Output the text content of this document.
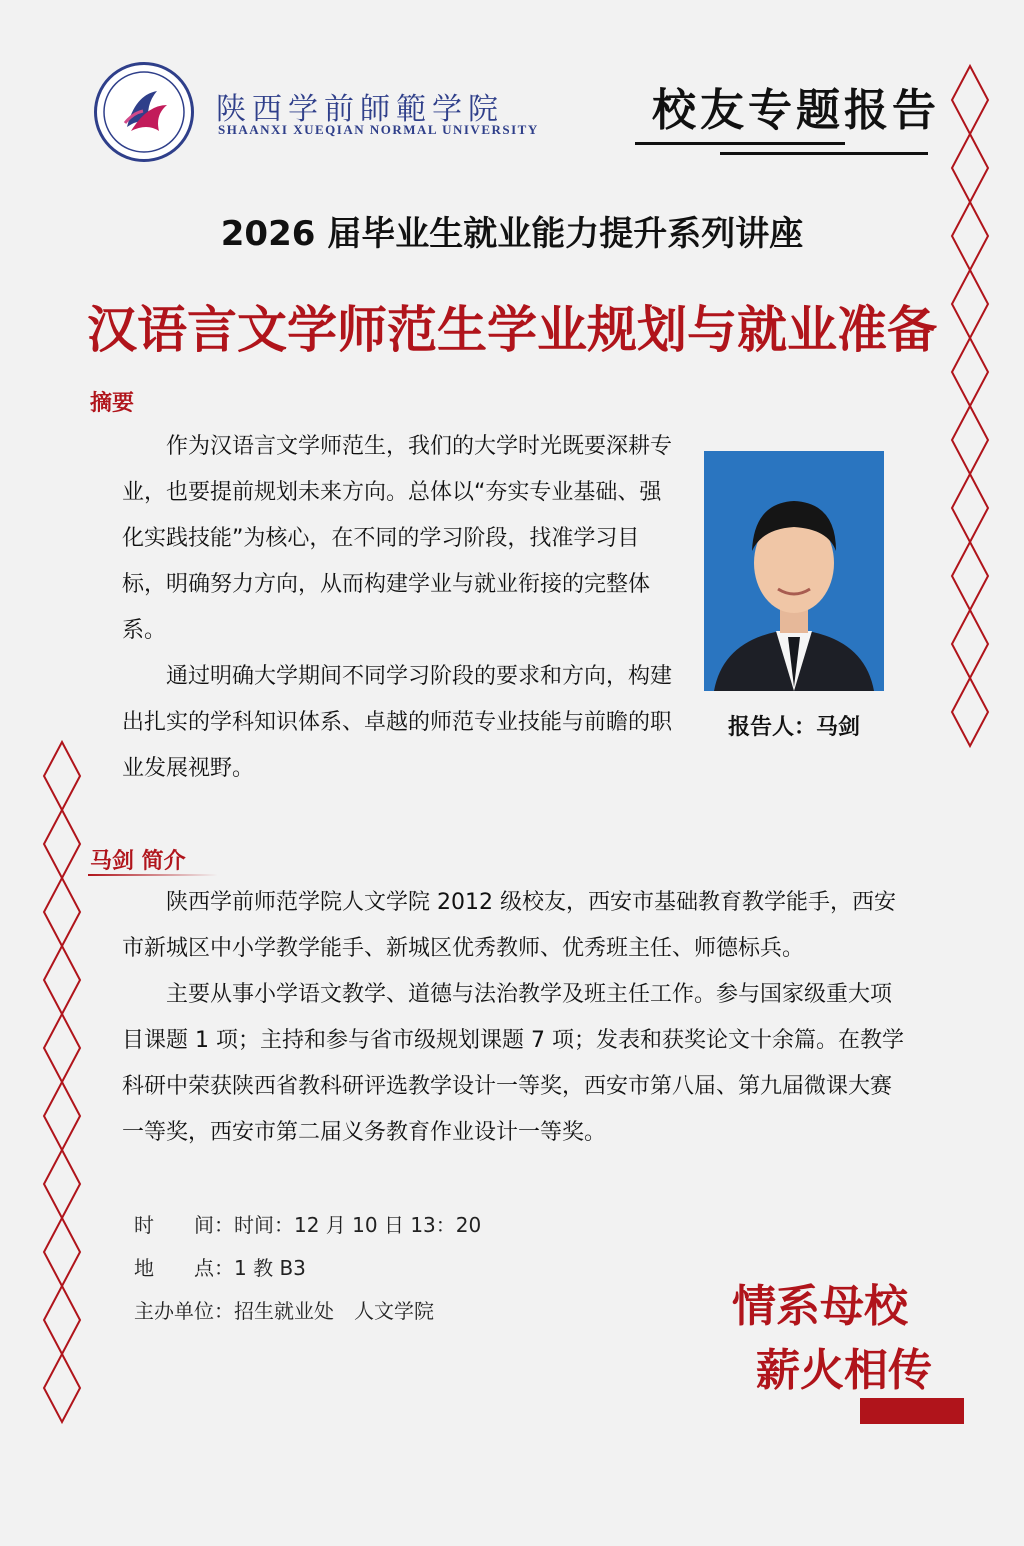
陕西学前師範学院
SHAANXI XUEQIAN NORMAL UNIVERSITY	校友专题报告
2026 届毕业生就业能力提升系列讲座
汉语言文学师范生学业规划与就业准备
摘要

作为汉语言文学师范生，我们的大学时光既要深耕专业，也要提前规划未来方向。总体以“夯实专业基础、强化实践技能”为核心，在不同的学习阶段，找准学习目标，明确努力方向，从而构建学业与就业衔接的完整体系。

通过明确大学期间不同学习阶段的要求和方向，构建出扎实的学科知识体系、卓越的师范专业技能与前瞻的职业发展视野。

报告人：马剑
马剑 简介

陕西学前师范学院人文学院 2012 级校友，西安市基础教育教学能手，西安市新城区中小学教学能手、新城区优秀教师、优秀班主任、师德标兵。

主要从事小学语文教学、道德与法治教学及班主任工作。参与国家级重大项目课题 1 项；主持和参与省市级规划课题 7 项；发表和获奖论文十余篇。在教学科研中荣获陕西省教科研评选教学设计一等奖，西安市第八届、第九届微课大赛一等奖，西安市第二届义务教育作业设计一等奖。

时　　间：时间：12 月 10 日 13：20
地　　点：1 教 B3
主办单位：招生就业处　人文学院	情系母校
薪火相传
